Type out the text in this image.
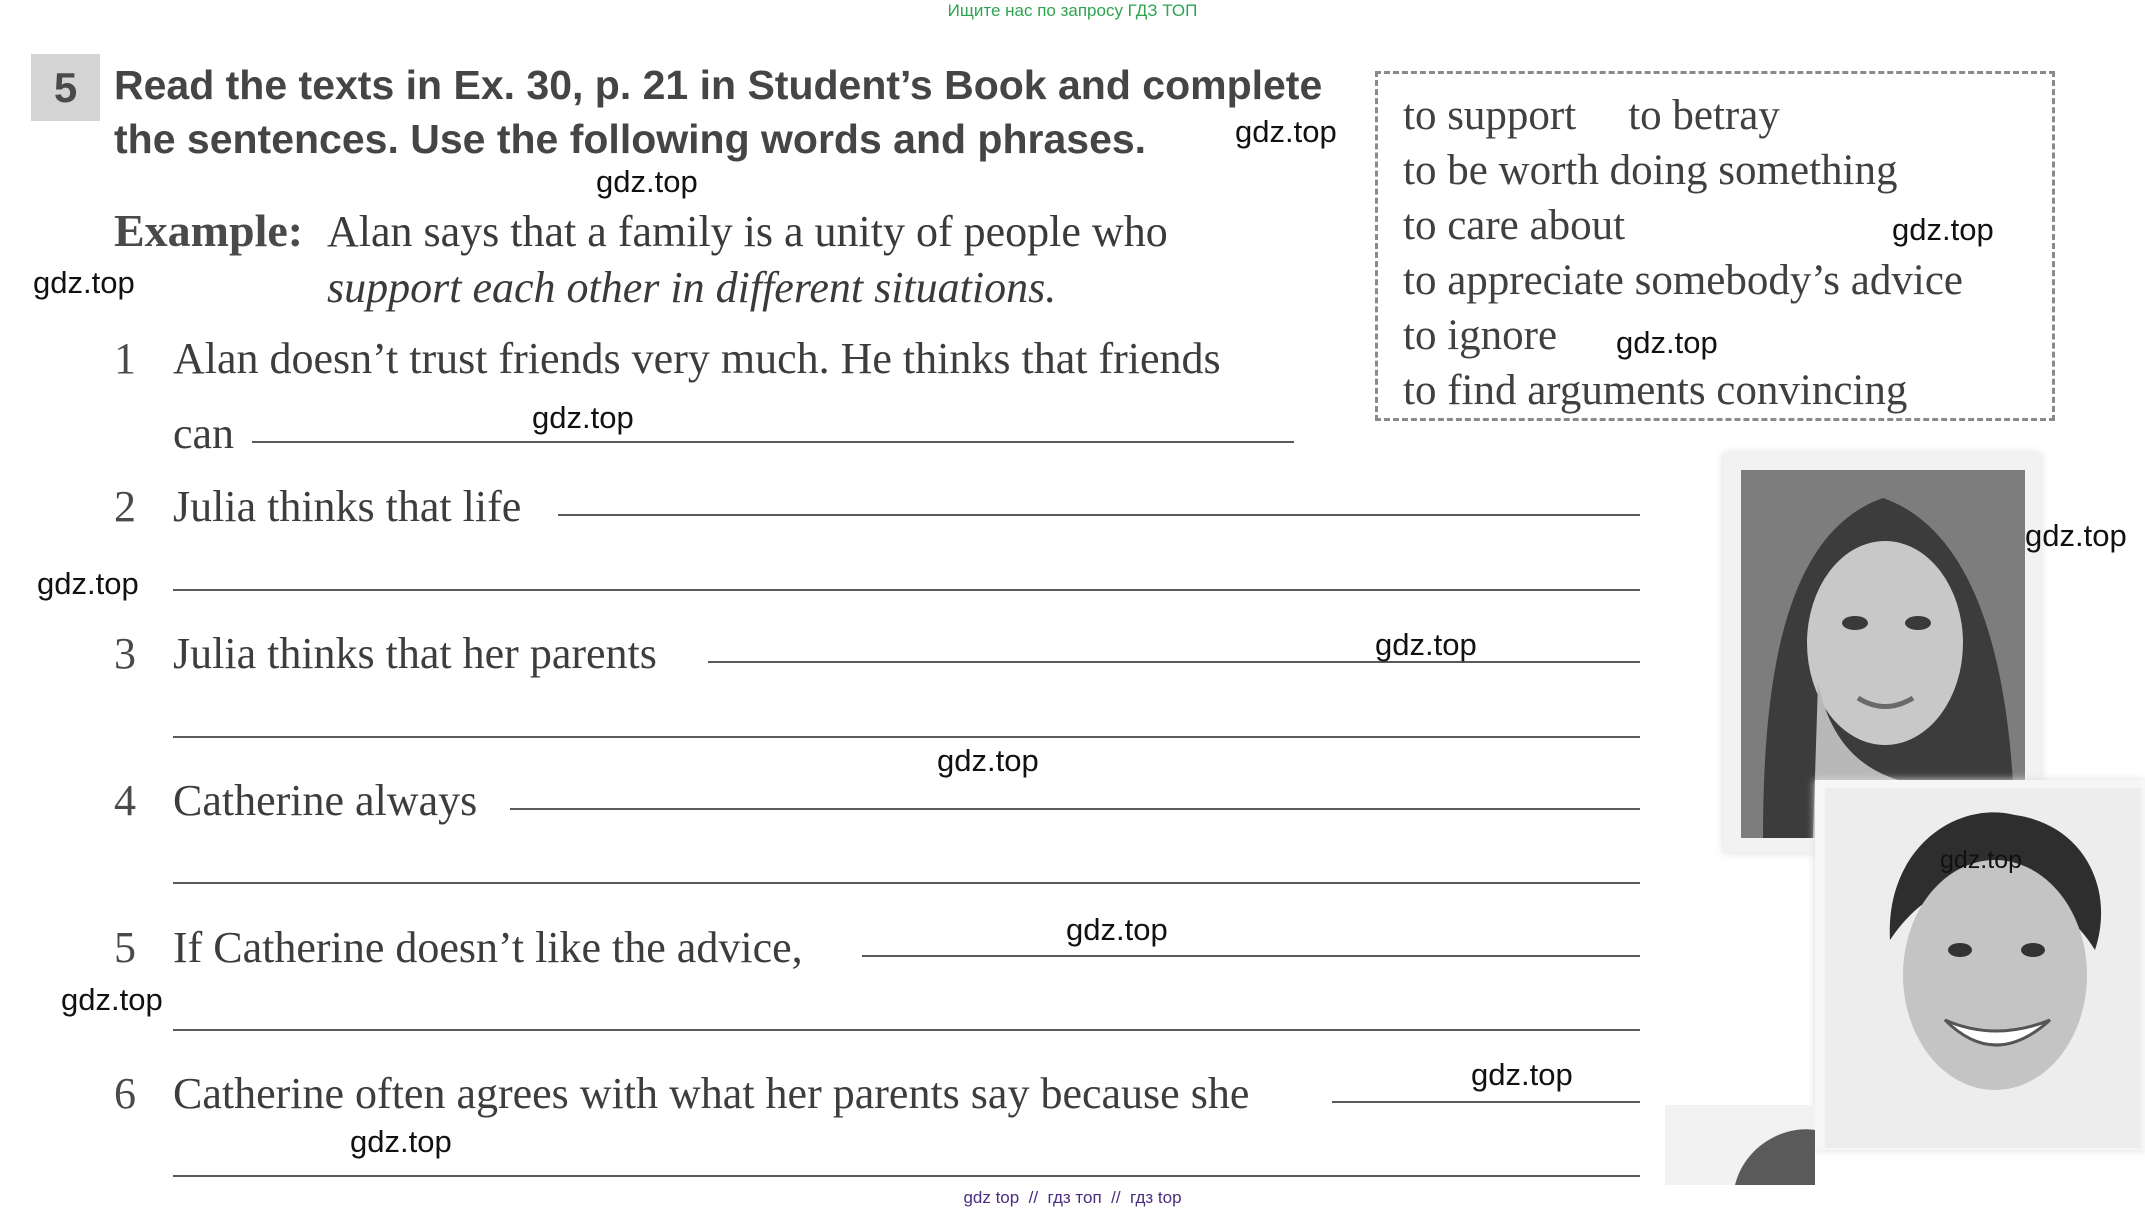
Ищите нас по запросу ГДЗ ТОП
5 Read the texts in Ex. 30, p. 21 in Student’s Book and complete
the sentences. Use the following words and phrases.
Example: Alan says that a family is a unity of people who
support each other in different situations.
to support to betray
to be worth doing something
to care about
to appreciate somebody’s advice
to ignore
to find arguments convincing
1 Alan doesn’t trust friends very much. He thinks that friends
can
2 Julia thinks that life
3 Julia thinks that her parents
4 Catherine always
5 If Catherine doesn’t like the advice,
6 Catherine often agrees with what her parents say because she
gdz.top
gdz.top
gdz.top
gdz.top
gdz.top
gdz.top
gdz.top
gdz.top
gdz.top
gdz.top
gdz.top
gdz.top
gdz.top
gdz.top
gdz.top
gdz top  //  гдз топ  //  гдз top
